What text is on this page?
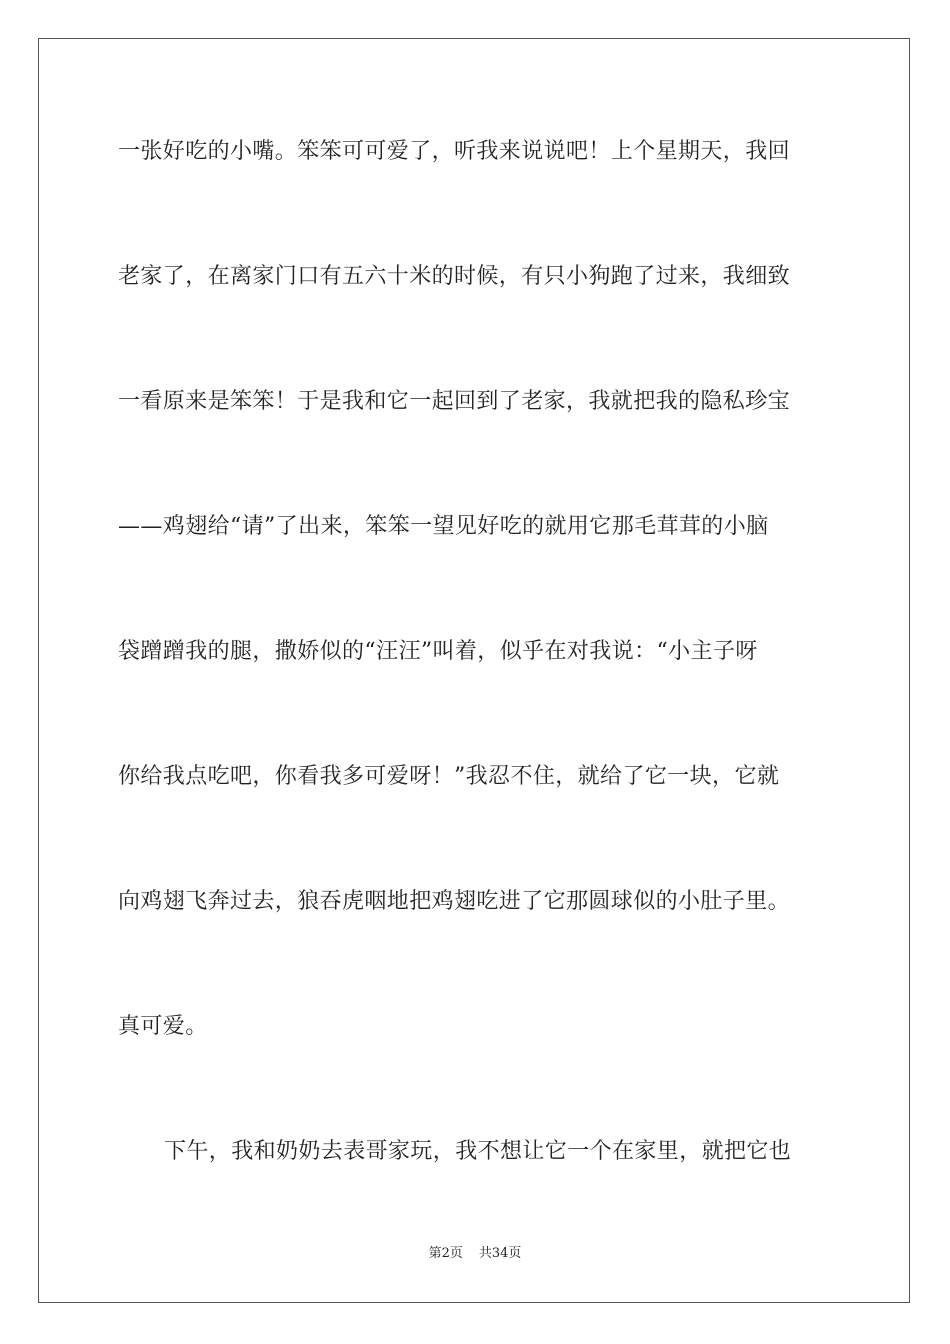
一张好吃的小嘴。笨笨可可爱了，听我来说说吧！上个星期天，我回
老家了，在离家门口有五六十米的时候，有只小狗跑了过来，我细致
一看原来是笨笨！于是我和它一起回到了老家，我就把我的隐私珍宝
——鸡翅给“请”了出来，笨笨一望见好吃的就用它那毛茸茸的小脑
袋蹭蹭我的腿，撒娇似的“汪汪”叫着，似乎在对我说：“小主子呀
你给我点吃吧，你看我多可爱呀！”我忍不住，就给了它一块，它就
向鸡翅飞奔过去，狼吞虎咽地把鸡翅吃进了它那圆球似的小肚子里。
真可爱。
下午，我和奶奶去表哥家玩，我不想让它一个在家里，就把它也
第2页 共34页
